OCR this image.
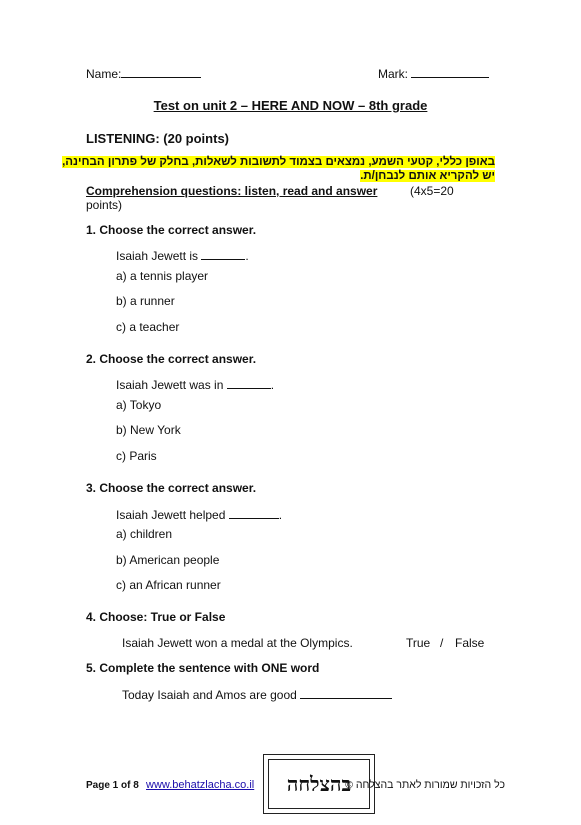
Name:	Mark:
Test on unit 2 – HERE AND NOW – 8th grade
LISTENING: (20 points)
באופן כללי, קטעי השמע, נמצאים בצמוד לתשובות לשאלות, בחלק של פתרון הבחינה,
יש להקריא אותם לנבחן/ת.
Comprehension questions: listen, read and answer	(4x5=20
points)
1. Choose the correct answer.
Isaiah Jewett is	.
a) a tennis player
b) a runner
c) a teacher
2. Choose the correct answer.
Isaiah Jewett was in	.
a) Tokyo
b) New York
c) Paris
3. Choose the correct answer.
Isaiah Jewett helped	.
a) children
b) American people
c) an African runner
4. Choose: True or False
Isaiah Jewett won a medal at the Olympics.	True / False
5. Complete the sentence with ONE word
Today Isaiah and Amos are good
Page 1 of 8 www.behatzlacha.co.il	בהצלחה
כל הזכויות שמורות לאתר בהצלחה ©
